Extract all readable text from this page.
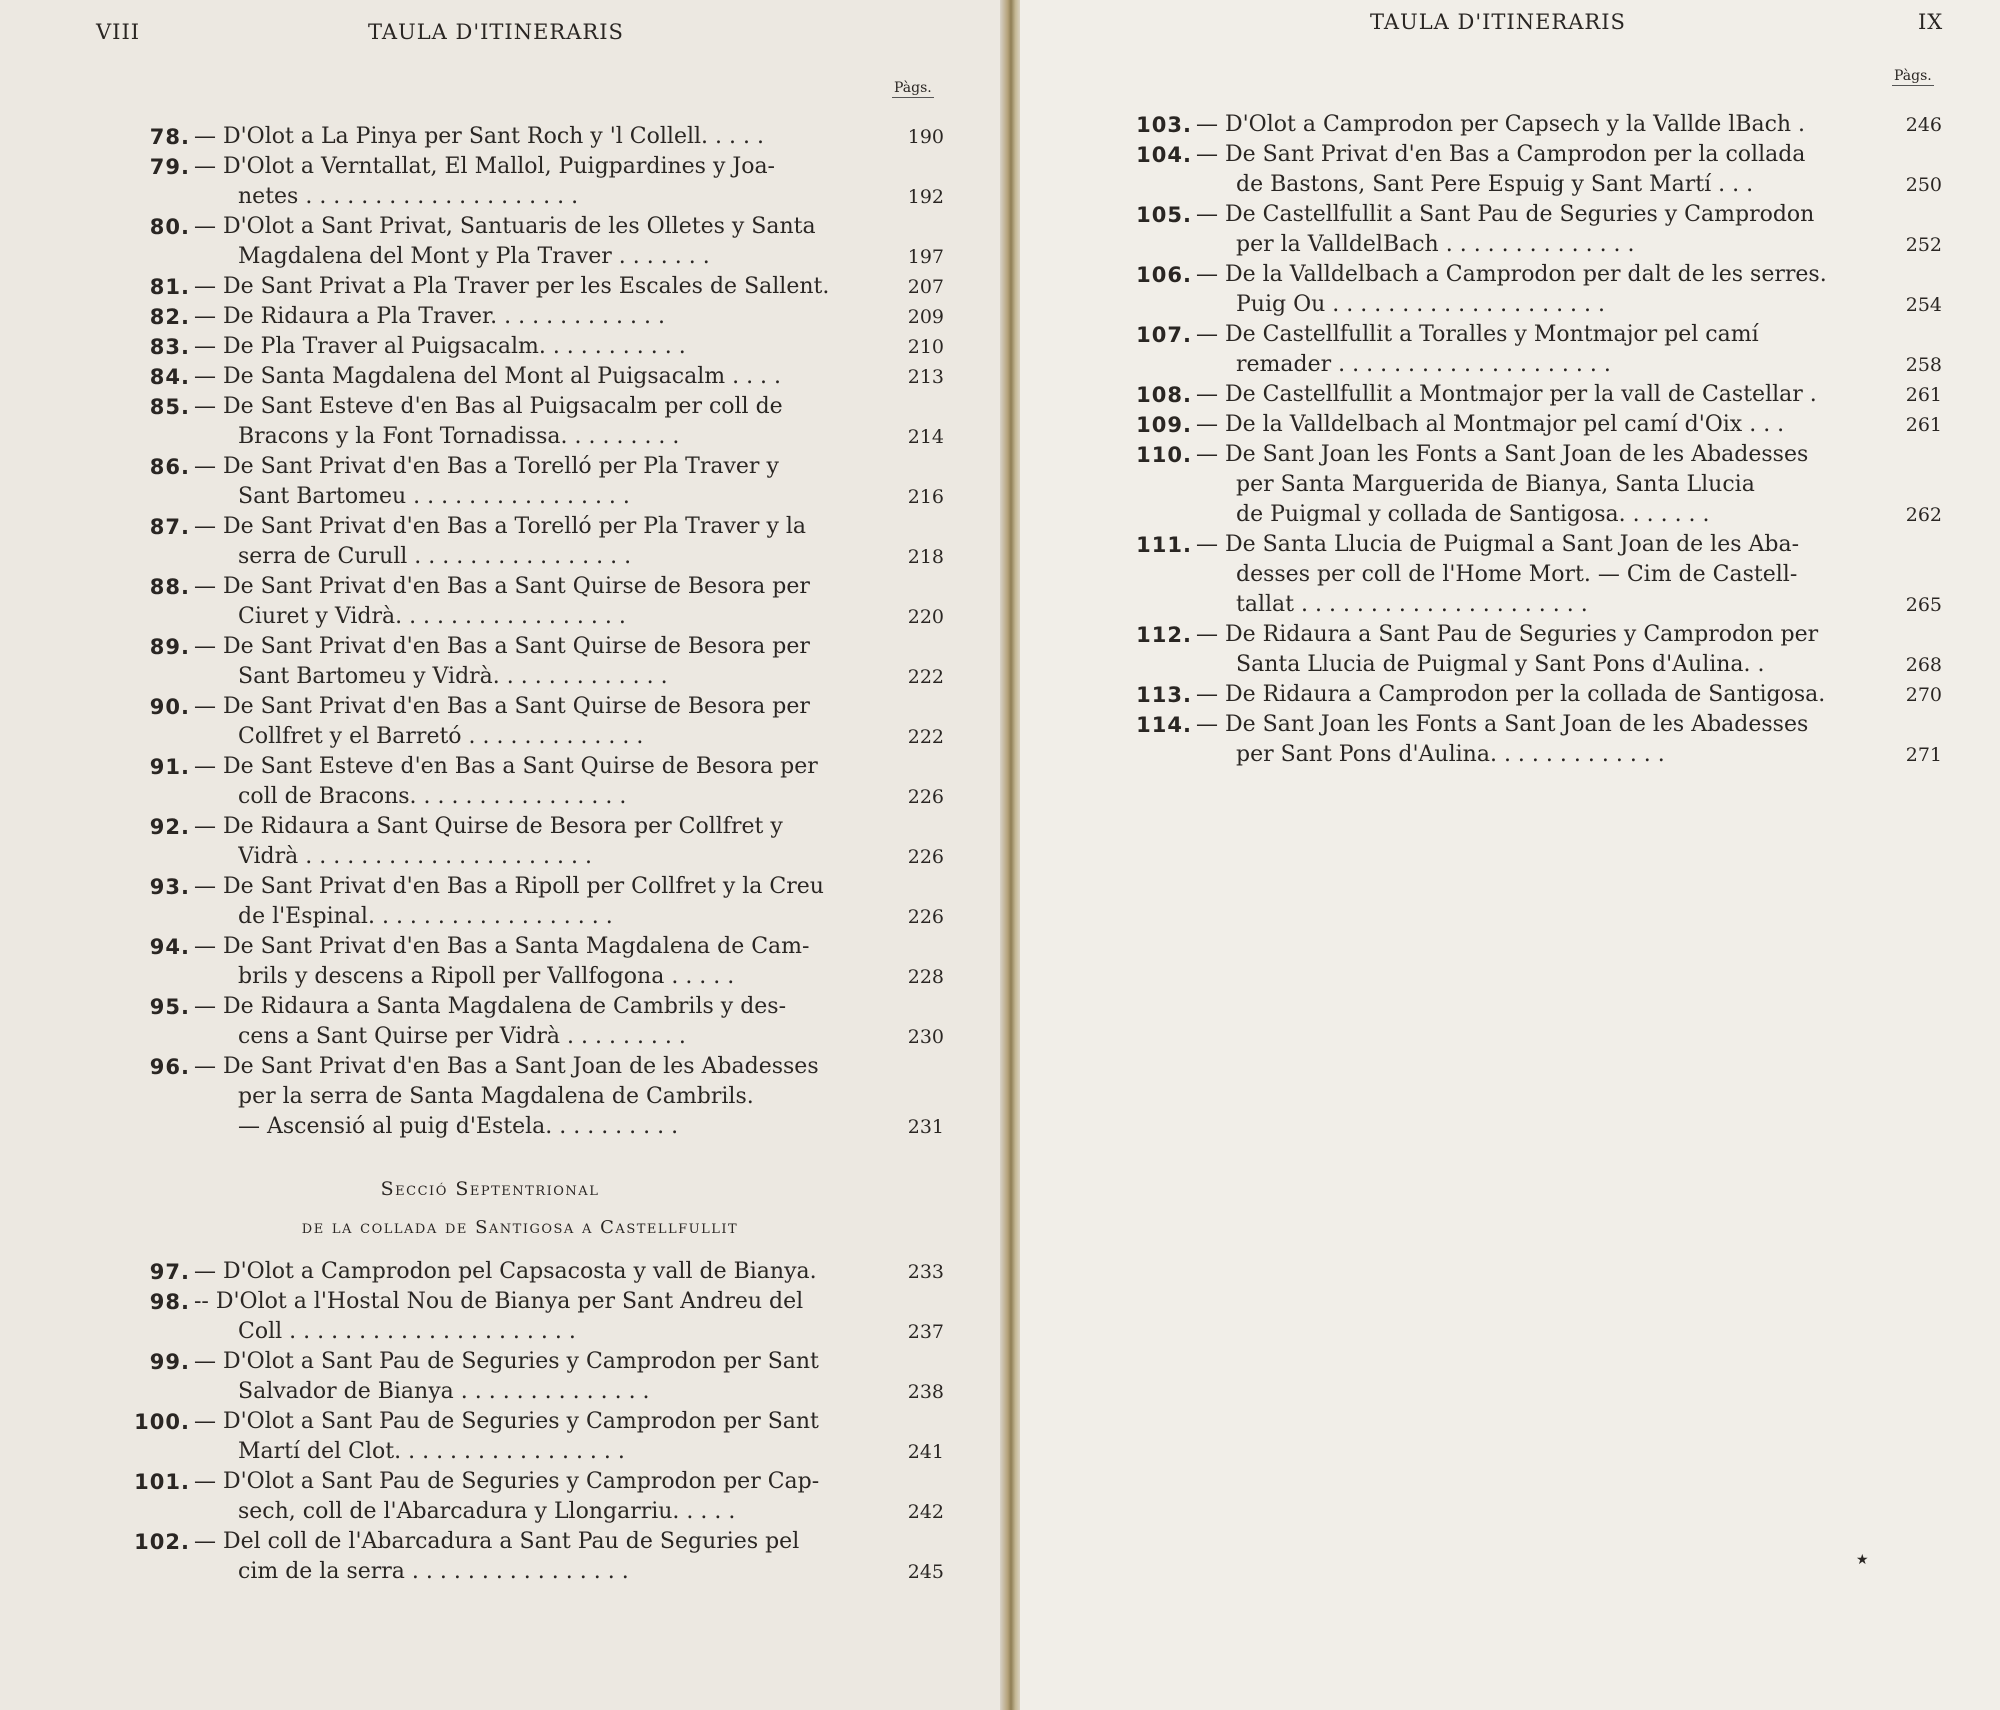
VIII	TAULA D'ITINERARIS
Pàgs.
78. — D'Olot a La Pinya per Sant Roch y 'l Collell. . . . .	190
79. — D'Olot a Verntallat, El Mallol, Puigpardines y Joa-
netes . . . . . . . . . . . . . . . . . . . .	192
80. — D'Olot a Sant Privat, Santuaris de les Olletes y Santa
Magdalena del Mont y Pla Traver . . . . . . .	197
81. — De Sant Privat a Pla Traver per les Escales de Sallent.	207
82. — De Ridaura a Pla Traver. . . . . . . . . . . . .	209
83. — De Pla Traver al Puigsacalm. . . . . . . . . . .	210
84. — De Santa Magdalena del Mont al Puigsacalm . . . .	213
85. — De Sant Esteve d'en Bas al Puigsacalm per coll de
Bracons y la Font Tornadissa. . . . . . . . .	214
86. — De Sant Privat d'en Bas a Torelló per Pla Traver y
Sant Bartomeu . . . . . . . . . . . . . . . .	216
87. — De Sant Privat d'en Bas a Torelló per Pla Traver y la
serra de Curull . . . . . . . . . . . . . . . .	218
88. — De Sant Privat d'en Bas a Sant Quirse de Besora per
Ciuret y Vidrà. . . . . . . . . . . . . . . . .	220
89. — De Sant Privat d'en Bas a Sant Quirse de Besora per
Sant Bartomeu y Vidrà. . . . . . . . . . . . .	222
90. — De Sant Privat d'en Bas a Sant Quirse de Besora per
Collfret y el Barretó . . . . . . . . . . . . .	222
91. — De Sant Esteve d'en Bas a Sant Quirse de Besora per
coll de Bracons. . . . . . . . . . . . . . . .	226
92. — De Ridaura a Sant Quirse de Besora per Collfret y
Vidrà . . . . . . . . . . . . . . . . . . . . .	226
93. — De Sant Privat d'en Bas a Ripoll per Collfret y la Creu
de l'Espinal. . . . . . . . . . . . . . . . . .	226
94. — De Sant Privat d'en Bas a Santa Magdalena de Cam-
brils y descens a Ripoll per Vallfogona . . . . .	228
95. — De Ridaura a Santa Magdalena de Cambrils y des-
cens a Sant Quirse per Vidrà . . . . . . . . .	230
96. — De Sant Privat d'en Bas a Sant Joan de les Abadesses
per la serra de Santa Magdalena de Cambrils.
— Ascensió al puig d'Estela. . . . . . . . . .	231
Secció Septentrional
de la collada de Santigosa a Castellfullit
97. — D'Olot a Camprodon pel Capsacosta y vall de Bianya.	233
98. -- D'Olot a l'Hostal Nou de Bianya per Sant Andreu del
Coll . . . . . . . . . . . . . . . . . . . . .	237
99. — D'Olot a Sant Pau de Seguries y Camprodon per Sant
Salvador de Bianya . . . . . . . . . . . . . .	238
100. — D'Olot a Sant Pau de Seguries y Camprodon per Sant
Martí del Clot. . . . . . . . . . . . . . . . .	241
101. — D'Olot a Sant Pau de Seguries y Camprodon per Cap-
sech, coll de l'Abarcadura y Llongarriu. . . . .	242
102. — Del coll de l'Abarcadura a Sant Pau de Seguries pel
cim de la serra . . . . . . . . . . . . . . . .	245
TAULA D'ITINERARIS	IX
Pàgs.
103. — D'Olot a Camprodon per Capsech y la Vallde lBach .	246
104. — De Sant Privat d'en Bas a Camprodon per la collada
de Bastons, Sant Pere Espuig y Sant Martí . . .	250
105. — De Castellfullit a Sant Pau de Seguries y Camprodon
per la ValldelBach . . . . . . . . . . . . . .	252
106. — De la Valldelbach a Camprodon per dalt de les serres.
Puig Ou . . . . . . . . . . . . . . . . . . . .	254
107. — De Castellfullit a Toralles y Montmajor pel camí
remader . . . . . . . . . . . . . . . . . . . .	258
108. — De Castellfullit a Montmajor per la vall de Castellar .	261
109. — De la Valldelbach al Montmajor pel camí d'Oix . . .	261
110. — De Sant Joan les Fonts a Sant Joan de les Abadesses
per Santa Marguerida de Bianya, Santa Llucia
de Puigmal y collada de Santigosa. . . . . . .	262
111. — De Santa Llucia de Puigmal a Sant Joan de les Aba-
desses per coll de l'Home Mort. — Cim de Castell-
tallat . . . . . . . . . . . . . . . . . . . . .	265
112. — De Ridaura a Sant Pau de Seguries y Camprodon per
Santa Llucia de Puigmal y Sant Pons d'Aulina. .	268
113. — De Ridaura a Camprodon per la collada de Santigosa.	270
114. — De Sant Joan les Fonts a Sant Joan de les Abadesses
per Sant Pons d'Aulina. . . . . . . . . . . . .	271
★
